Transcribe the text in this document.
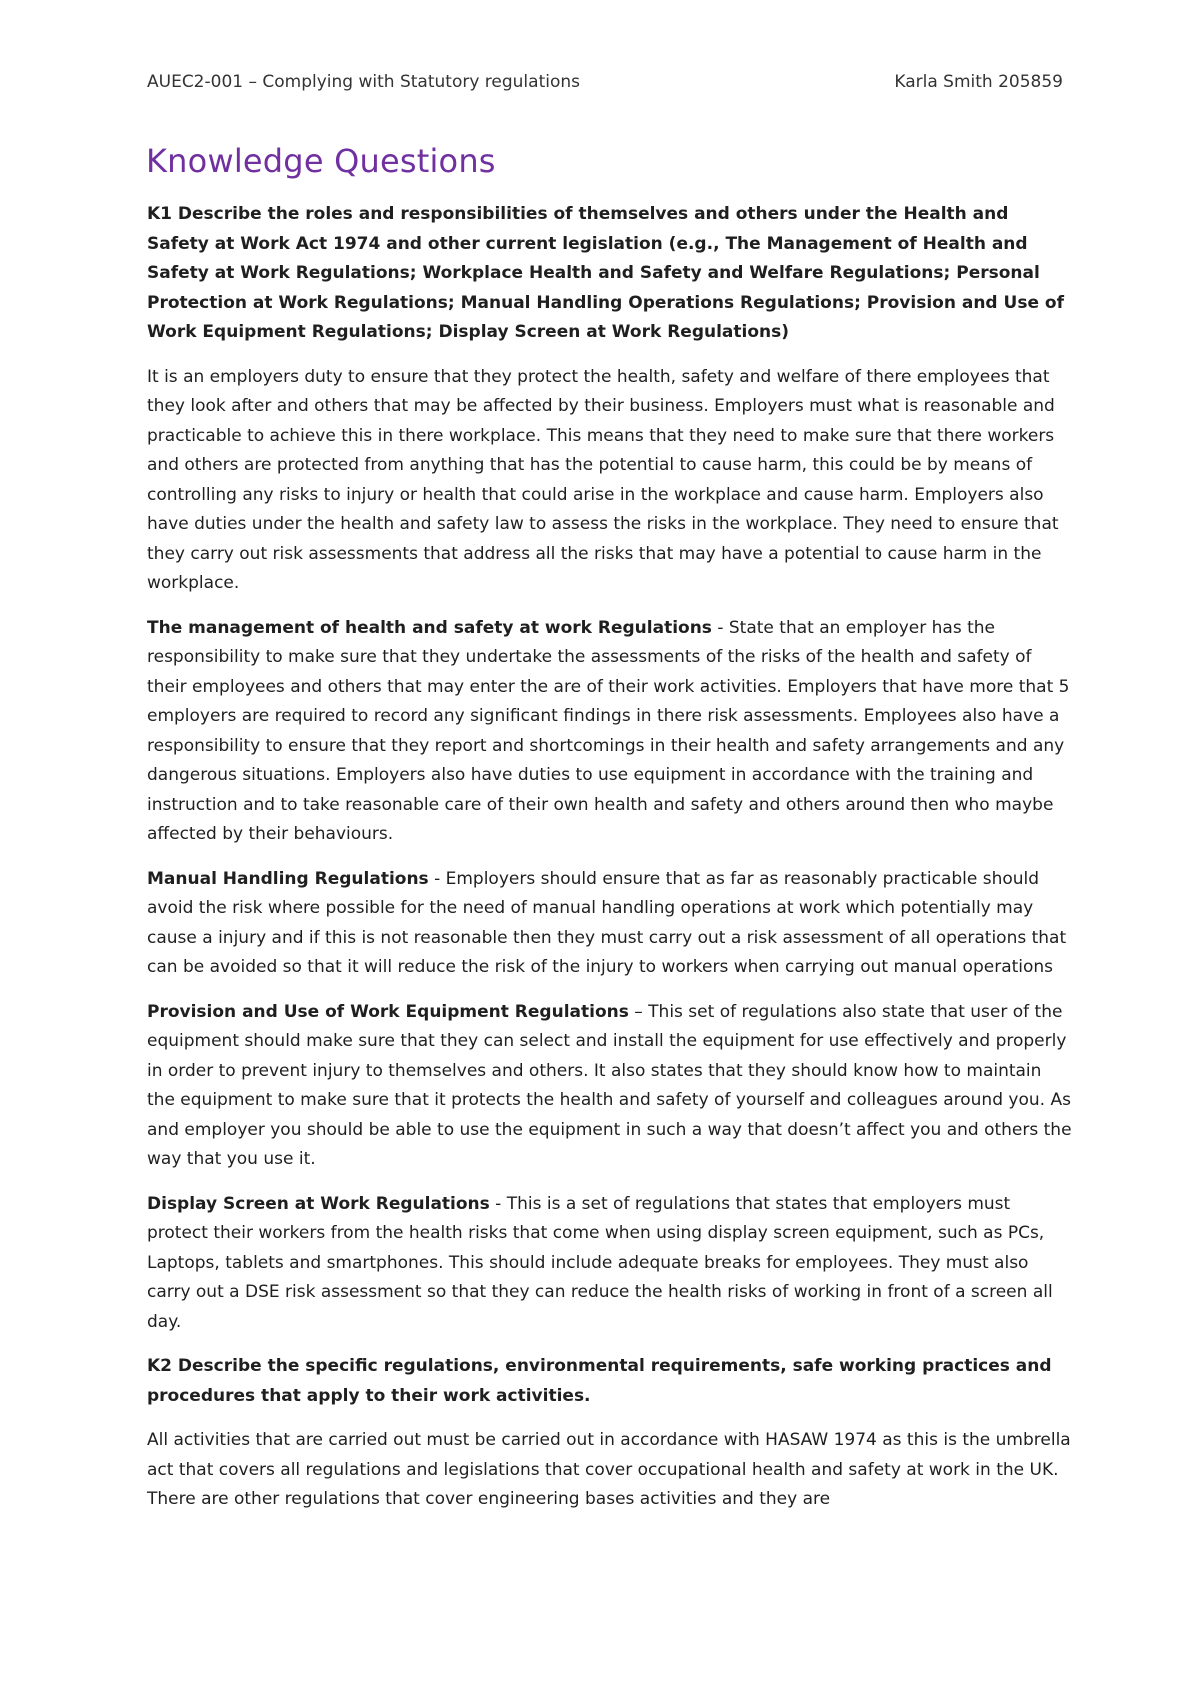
AUEC2-001 – Complying with Statutory regulations	Karla Smith 205859
Knowledge Questions

K1 Describe the roles and responsibilities of themselves and others under the Health and Safety at Work Act 1974 and other current legislation (e.g., The Management of Health and Safety at Work Regulations; Workplace Health and Safety and Welfare Regulations; Personal Protection at Work Regulations; Manual Handling Operations Regulations; Provision and Use of Work Equipment Regulations; Display Screen at Work Regulations)

It is an employers duty to ensure that they protect the health, safety and welfare of there employees that they look after and others that may be affected by their business. Employers must what is reasonable and practicable to achieve this in there workplace. This means that they need to make sure that there workers and others are protected from anything that has the potential to cause harm, this could be by means of controlling any risks to injury or health that could arise in the workplace and cause harm. Employers also have duties under the health and safety law to assess the risks in the workplace. They need to ensure that they carry out risk assessments that address all the risks that may have a potential to cause harm in the workplace.

The management of health and safety at work Regulations - State that an employer has the responsibility to make sure that they undertake the assessments of the risks of the health and safety of their employees and others that may enter the are of their work activities. Employers that have more that 5 employers are required to record any significant findings in there risk assessments. Employees also have a responsibility to ensure that they report and shortcomings in their health and safety arrangements and any dangerous situations. Employers also have duties to use equipment in accordance with the training and instruction and to take reasonable care of their own health and safety and others around then who maybe affected by their behaviours.

Manual Handling Regulations - Employers should ensure that as far as reasonably practicable should avoid the risk where possible for the need of manual handling operations at work which potentially may cause a injury and if this is not reasonable then they must carry out a risk assessment of all operations that can be avoided so that it will reduce the risk of the injury to workers when carrying out manual operations

Provision and Use of Work Equipment Regulations – This set of regulations also state that user of the equipment should make sure that they can select and install the equipment for use effectively and properly in order to prevent injury to themselves and others. It also states that they should know how to maintain the equipment to make sure that it protects the health and safety of yourself and colleagues around you. As and employer you should be able to use the equipment in such a way that doesn’t affect you and others the way that you use it.

Display Screen at Work Regulations - This is a set of regulations that states that employers must protect their workers from the health risks that come when using display screen equipment, such as PCs, Laptops, tablets and smartphones. This should include adequate breaks for employees. They must also carry out a DSE risk assessment so that they can reduce the health risks of working in front of a screen all day.

K2 Describe the specific regulations, environmental requirements, safe working practices and procedures that apply to their work activities.

All activities that are carried out must be carried out in accordance with HASAW 1974 as this is the umbrella act that covers all regulations and legislations that cover occupational health and safety at work in the UK. There are other regulations that cover engineering bases activities and they are
